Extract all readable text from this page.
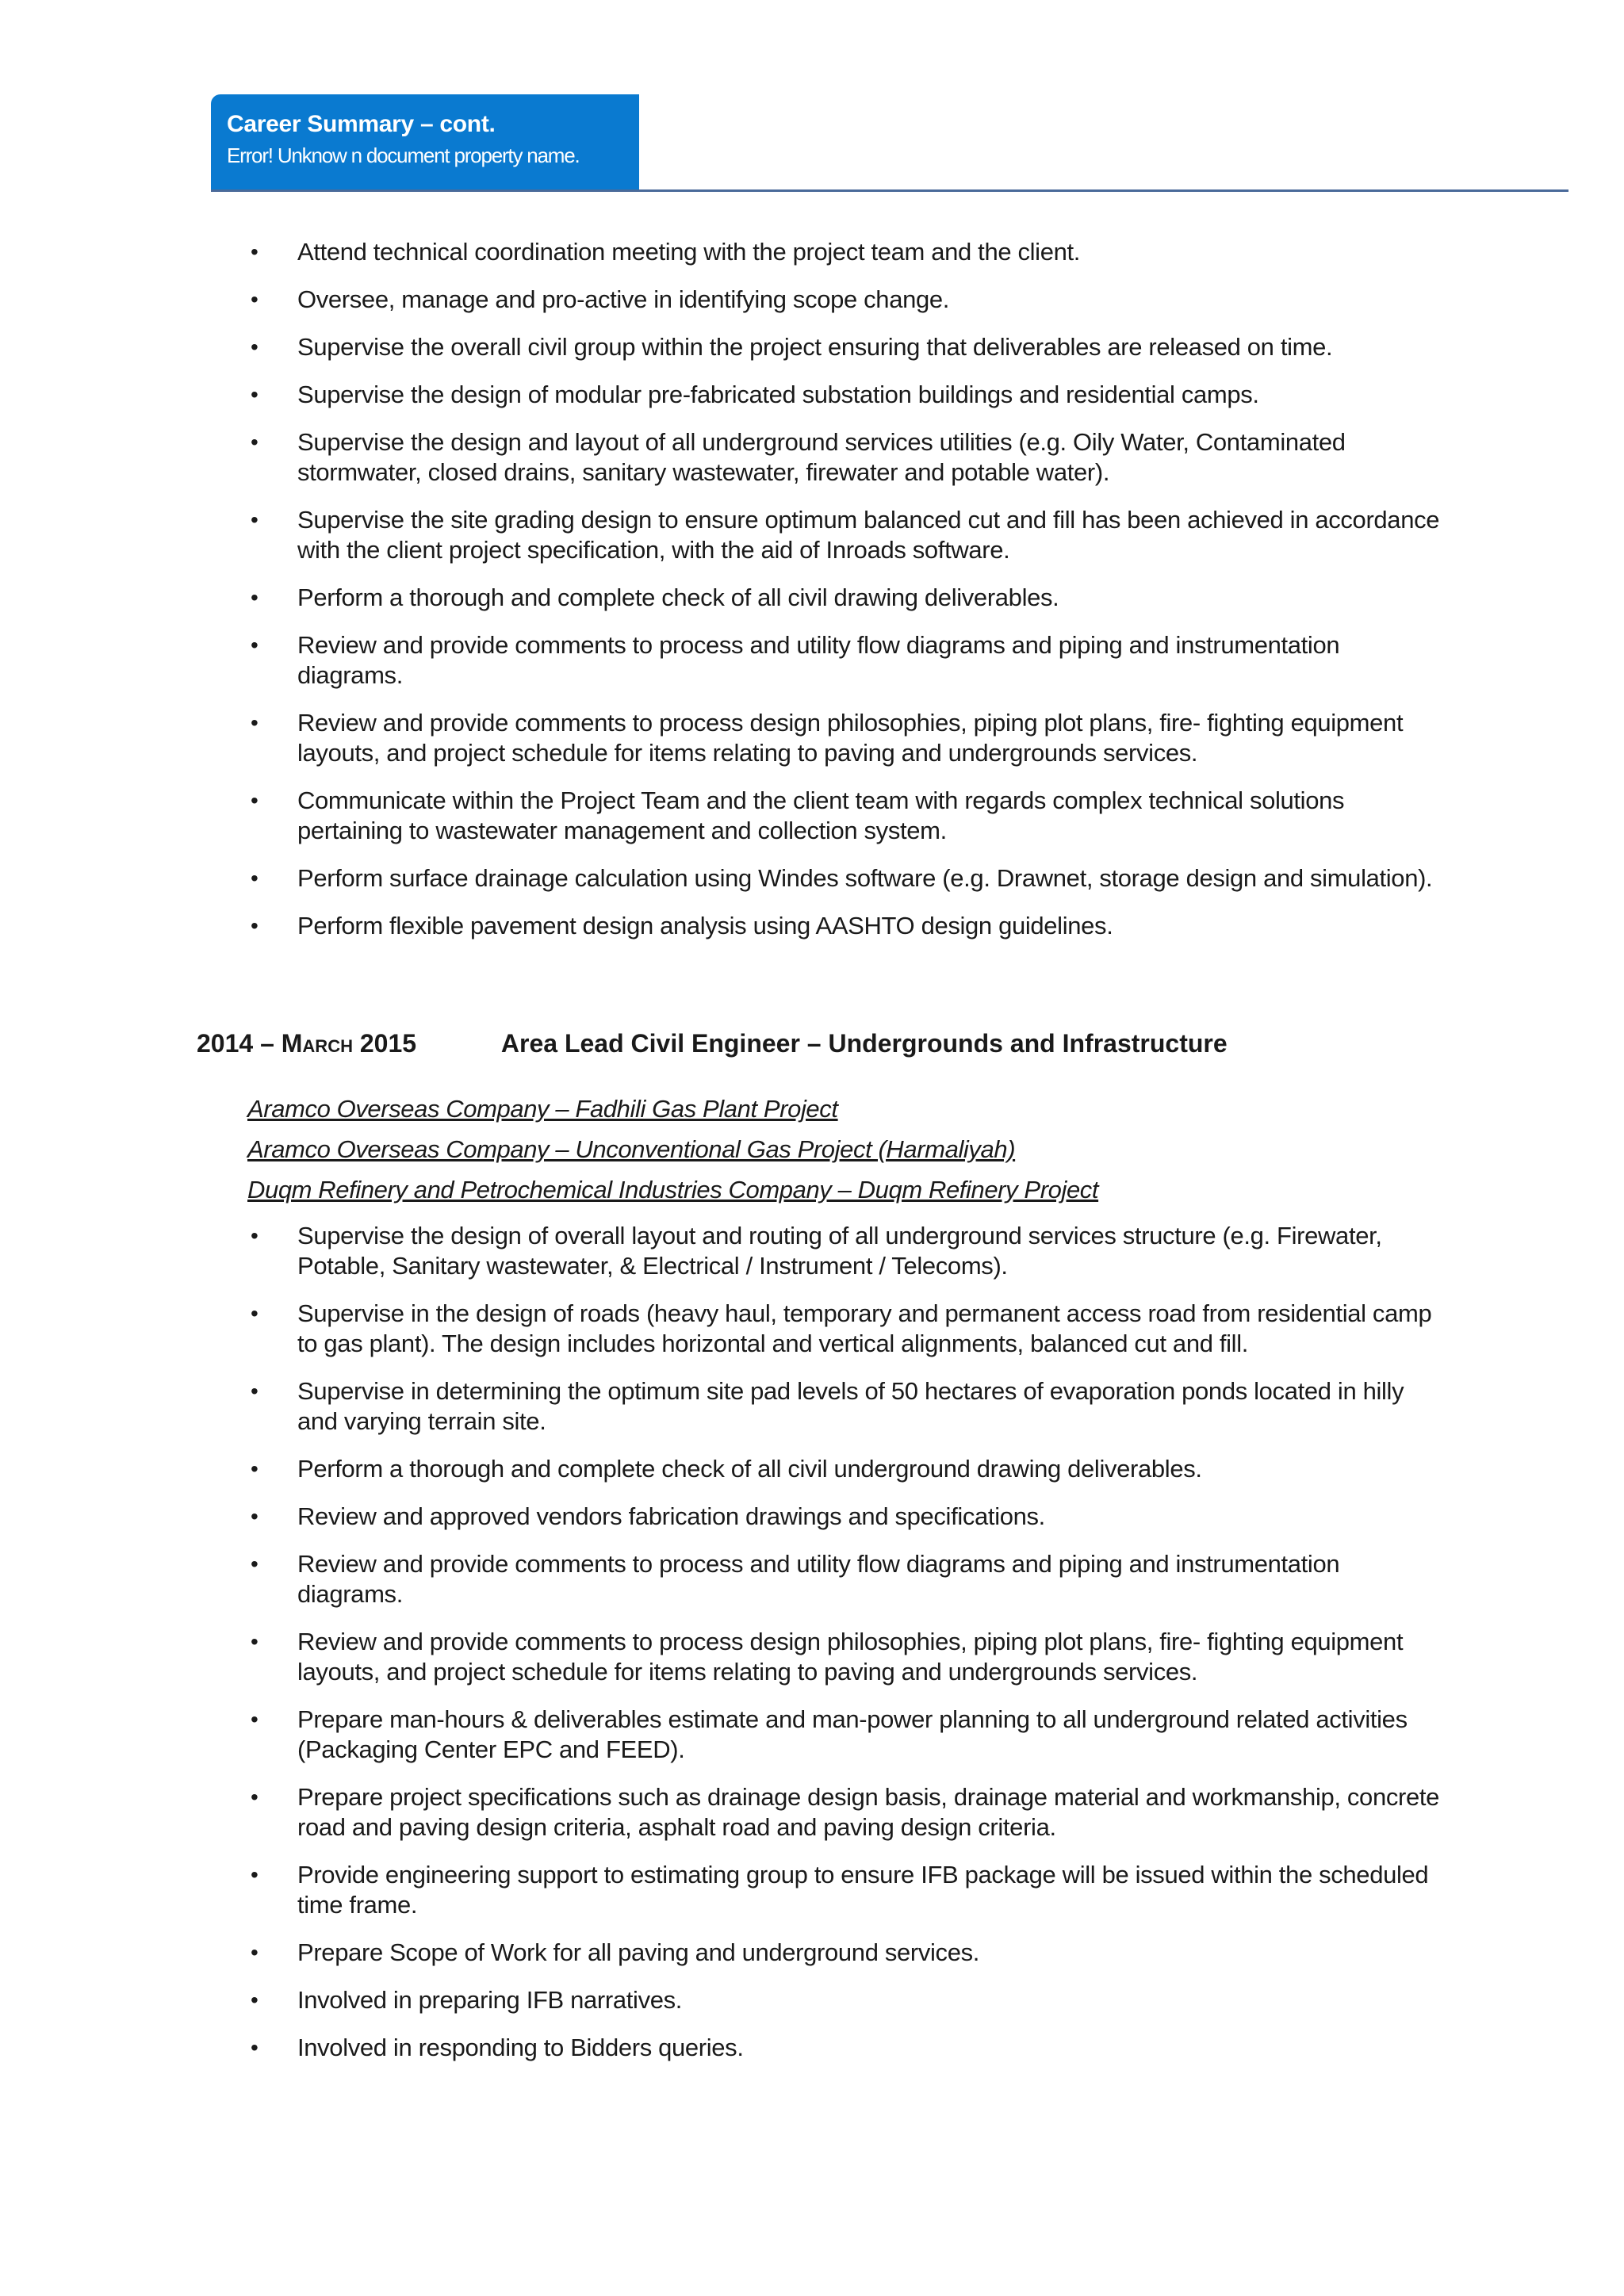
Career Summary – cont.
Error! Unknow n document property name.
• Attend technical coordination meeting with the project team and the client.
• Oversee, manage and pro-active in identifying scope change.
• Supervise the overall civil group within the project ensuring that deliverables are released on time.
• Supervise the design of modular pre-fabricated substation buildings and residential camps.
• Supervise the design and layout of all underground services utilities (e.g. Oily Water, Contaminated stormwater, closed drains, sanitary wastewater, firewater and potable water).
• Supervise the site grading design to ensure optimum balanced cut and fill has been achieved in accordance with the client project specification, with the aid of Inroads software.
• Perform a thorough and complete check of all civil drawing deliverables.
• Review and provide comments to process and utility flow diagrams and piping and instrumentation diagrams.
• Review and provide comments to process design philosophies, piping plot plans, fire- fighting equipment layouts, and project schedule for items relating to paving and undergrounds services.
• Communicate within the Project Team and the client team with regards complex technical solutions pertaining to wastewater management and collection system.
• Perform surface drainage calculation using Windes software (e.g. Drawnet, storage design and simulation).
• Perform flexible pavement design analysis using AASHTO design guidelines.
2014 – March 2015	Area Lead Civil Engineer – Undergrounds and Infrastructure
Aramco Overseas Company – Fadhili Gas Plant Project
Aramco Overseas Company – Unconventional Gas Project (Harmaliyah)
Duqm Refinery and Petrochemical Industries Company – Duqm Refinery Project
• Supervise the design of overall layout and routing of all underground services structure (e.g. Firewater, Potable, Sanitary wastewater, & Electrical / Instrument / Telecoms).
• Supervise in the design of roads (heavy haul, temporary and permanent access road from residential camp to gas plant). The design includes horizontal and vertical alignments, balanced cut and fill.
• Supervise in determining the optimum site pad levels of 50 hectares of evaporation ponds located in hilly and varying terrain site.
• Perform a thorough and complete check of all civil underground drawing deliverables.
• Review and approved vendors fabrication drawings and specifications.
• Review and provide comments to process and utility flow diagrams and piping and instrumentation diagrams.
• Review and provide comments to process design philosophies, piping plot plans, fire- fighting equipment layouts, and project schedule for items relating to paving and undergrounds services.
• Prepare man-hours & deliverables estimate and man-power planning to all underground related activities (Packaging Center EPC and FEED).
• Prepare project specifications such as drainage design basis, drainage material and workmanship, concrete road and paving design criteria, asphalt road and paving design criteria.
• Provide engineering support to estimating group to ensure IFB package will be issued within the scheduled time frame.
• Prepare Scope of Work for all paving and underground services.
• Involved in preparing IFB narratives.
• Involved in responding to Bidders queries.
